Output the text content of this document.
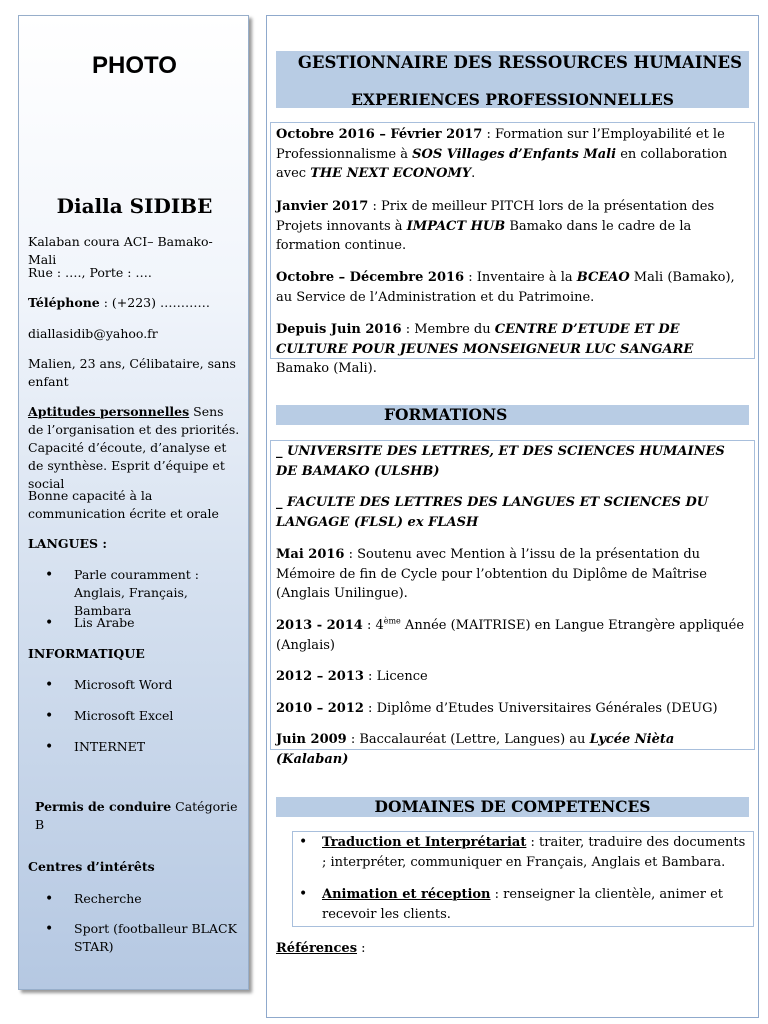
PHOTO
Dialla SIDIBE
Kalaban coura ACI– Bamako- Mali
Rue : …., Porte : ….
Téléphone : (+223) …………
diallasidib@yahoo.fr
Malien, 23 ans, Célibataire, sans enfant
Aptitudes personnelles Sens de l’organisation et des priorités. Capacité d’écoute, d’analyse et de synthèse. Esprit d’équipe et social
Bonne capacité à la communication écrite et orale
LANGUES :
• Parle couramment : Anglais, Français, Bambara
• Lis Arabe
INFORMATIQUE
• Microsoft Word
• Microsoft Excel
• INTERNET
Permis de conduire Catégorie B
Centres d’intérêts
• Recherche
• Sport (footballeur BLACK STAR)
GESTIONNAIRE DES RESSOURCES HUMAINES
EXPERIENCES PROFESSIONNELLES
Octobre 2016 – Février 2017 : Formation sur l’Employabilité et le Professionnalisme à SOS Villages d’Enfants Mali en collaboration avec THE NEXT ECONOMY.
Janvier 2017 : Prix de meilleur PITCH lors de la présentation des Projets innovants à IMPACT HUB Bamako dans le cadre de la formation continue.
Octobre – Décembre 2016 : Inventaire à la BCEAO Mali (Bamako), au Service de l’Administration et du Patrimoine.
Depuis Juin 2016 : Membre du CENTRE D’ETUDE ET DE CULTURE POUR JEUNES MONSEIGNEUR LUC SANGARE Bamako (Mali).
FORMATIONS
_ UNIVERSITE DES LETTRES, ET DES SCIENCES HUMAINES DE BAMAKO (ULSHB)
_ FACULTE DES LETTRES DES LANGUES ET SCIENCES DU LANGAGE (FLSL) ex FLASH
Mai 2016 : Soutenu avec Mention à l’issu de la présentation du Mémoire de fin de Cycle pour l’obtention du Diplôme de Maîtrise (Anglais Unilingue).
2013 - 2014 : 4ème Année (MAITRISE) en Langue Etrangère appliquée (Anglais)
2012 – 2013 : Licence
2010 – 2012 : Diplôme d’Etudes Universitaires Générales (DEUG)
Juin 2009 : Baccalauréat (Lettre, Langues) au Lycée Nièta (Kalaban)
DOMAINES DE COMPETENCES
• Traduction et Interprétariat : traiter, traduire des documents ; interpréter, communiquer en Français, Anglais et Bambara.
• Animation et réception : renseigner la clientèle, animer et recevoir les clients.
Références :
